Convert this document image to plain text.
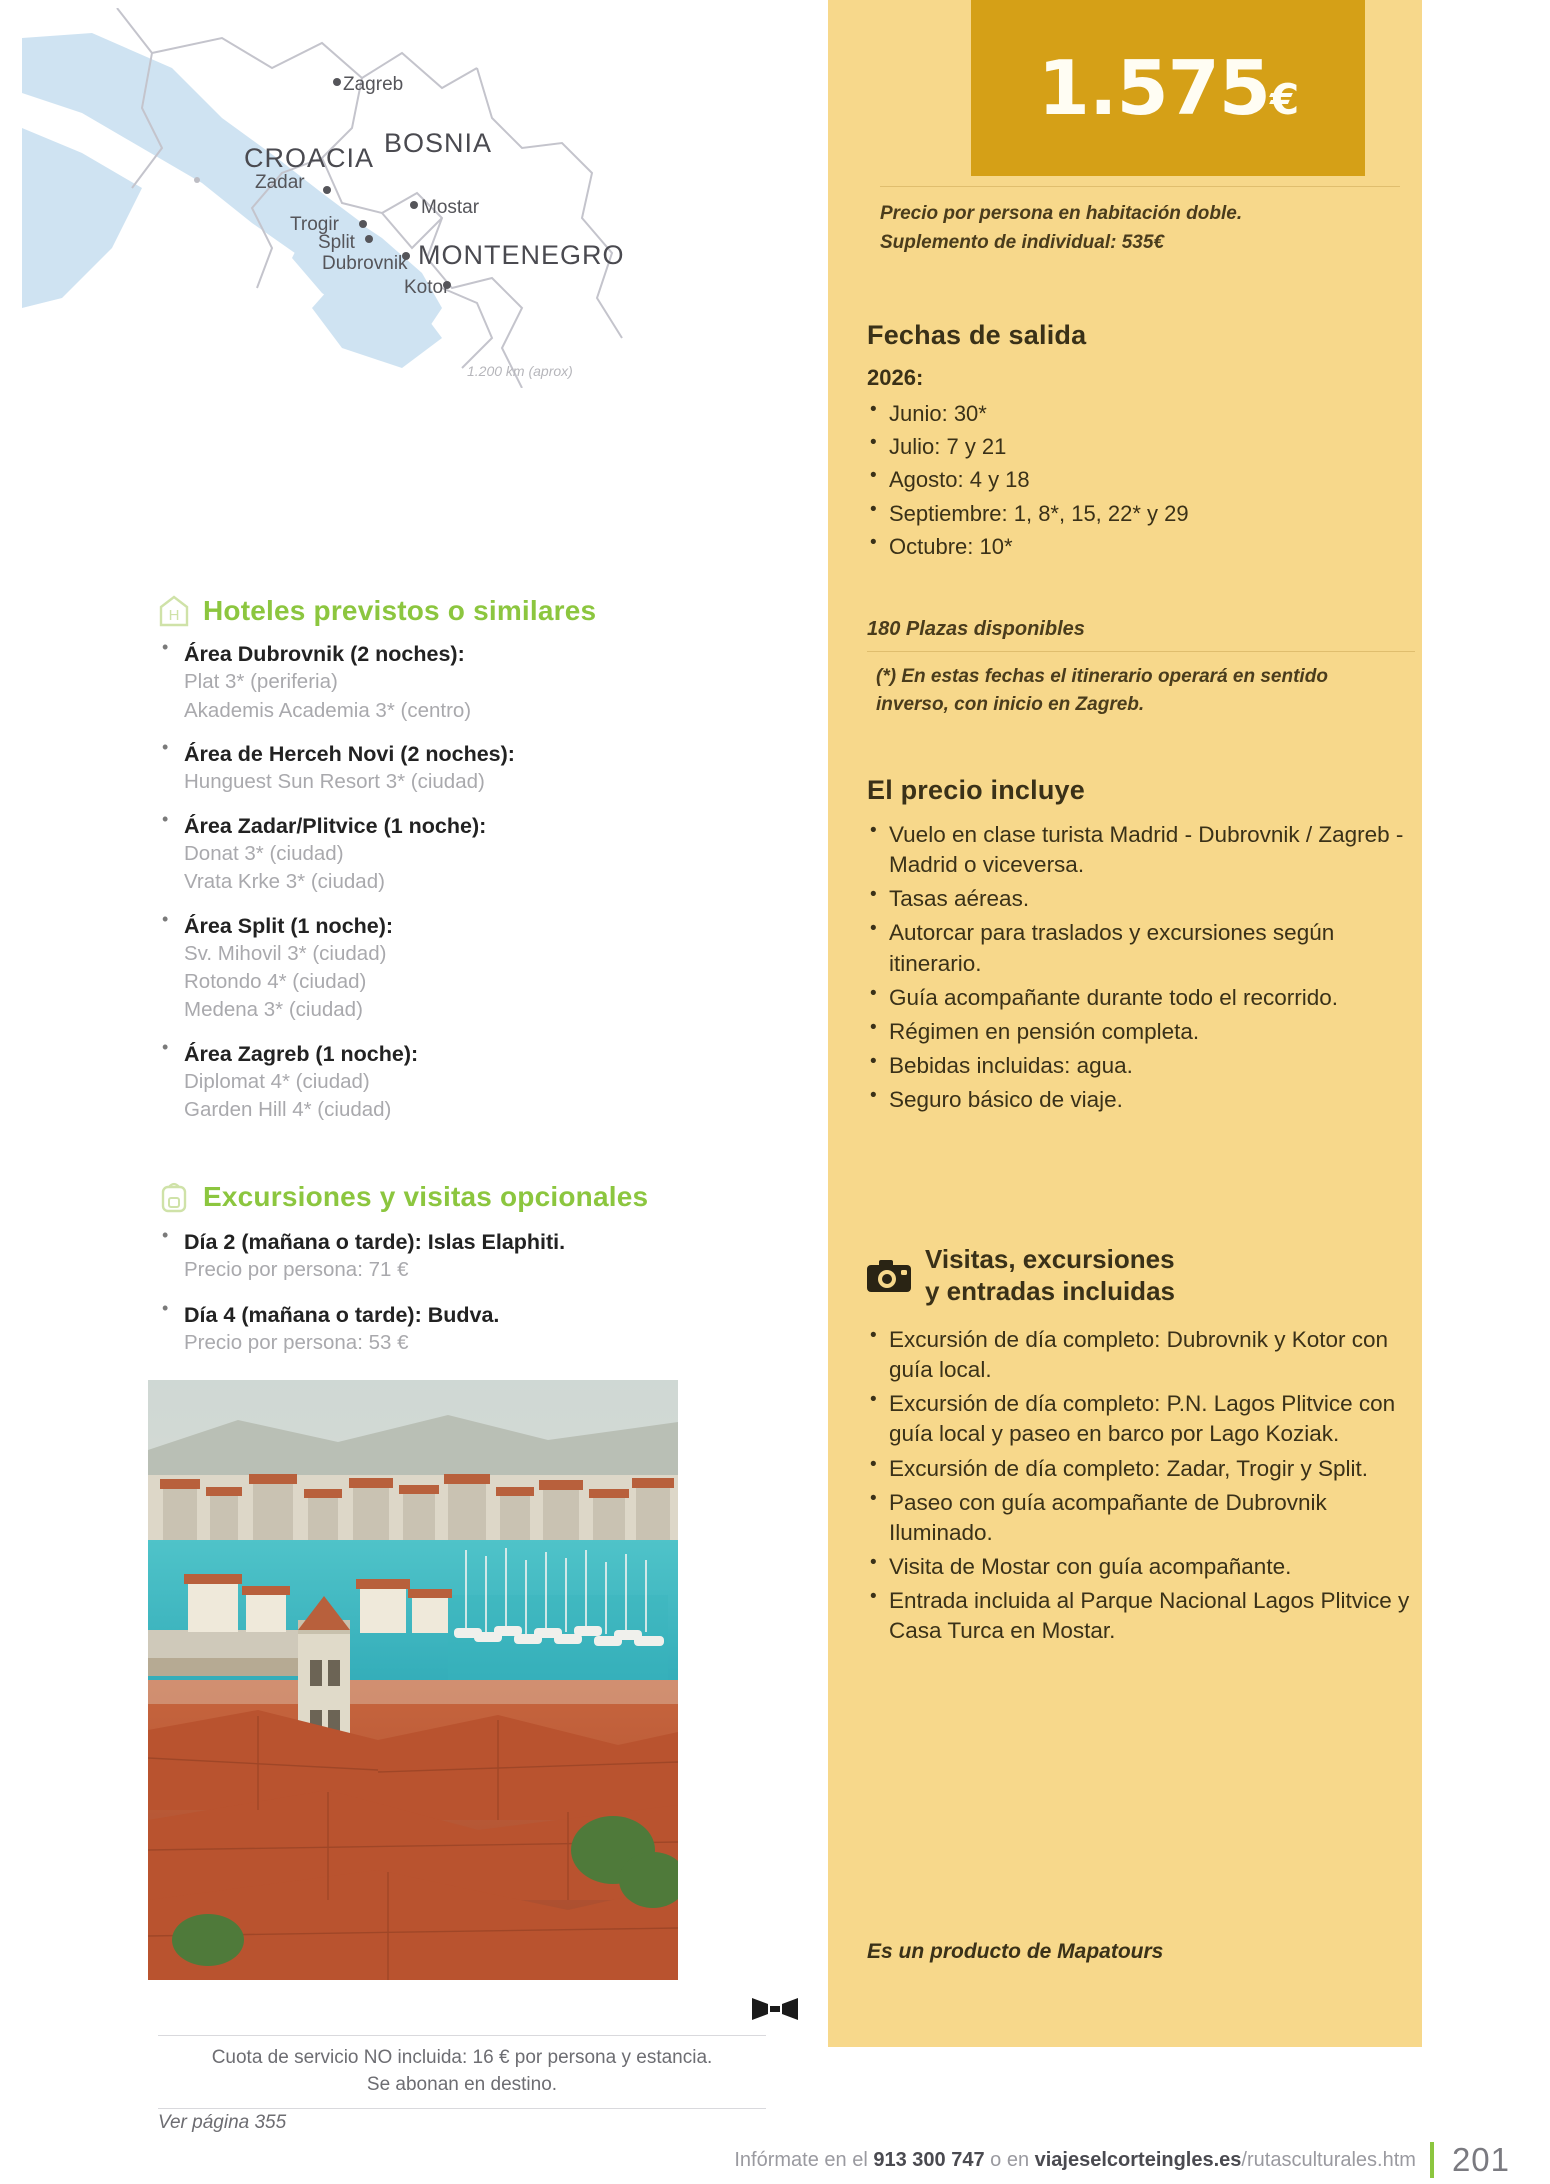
CROACIA BOSNIA
MONTENEGRO
Zagreb
Zadar
Mostar
Trogir
Split
Dubrovnik
Kotor
1.200 km (aprox)
H Hoteles previstos o similares
• Área Dubrovnik (2 noches):
Plat 3* (periferia)
Akademis Academia 3* (centro)
• Área de Herceh Novi (2 noches):
Hunguest Sun Resort 3* (ciudad)
• Área Zadar/Plitvice (1 noche):
Donat 3* (ciudad)
Vrata Krke 3* (ciudad)
• Área Split (1 noche):
Sv. Mihovil 3* (ciudad)
Rotondo 4* (ciudad)
Medena 3* (ciudad)
• Área Zagreb (1 noche):
Diplomat 4* (ciudad)
Garden Hill 4* (ciudad)
Excursiones y visitas opcionales
• Día 2 (mañana o tarde): Islas Elaphiti.
Precio por persona: 71 €
• Día 4 (mañana o tarde): Budva.
Precio por persona: 53 €
Cuota de servicio NO incluida: 16 € por persona y estancia.
Se abonan en destino.
Ver página 355
1.575€
Precio por persona en habitación doble.
Suplemento de individual: 535€
Fechas de salida
2026:
• Junio: 30*
• Julio: 7 y 21
• Agosto: 4 y 18
• Septiembre: 1, 8*, 15, 22* y 29
• Octubre: 10*
180 Plazas disponibles
(*) En estas fechas el itinerario operará en sentido
inverso, con inicio en Zagreb.
El precio incluye
• Vuelo en clase turista Madrid - Dubrovnik / Zagreb - Madrid o viceversa.
• Tasas aéreas.
• Autorcar para traslados y excursiones según itinerario.
• Guía acompañante durante todo el recorrido.
• Régimen en pensión completa.
• Bebidas incluidas: agua.
• Seguro básico de viaje.
Visitas, excursiones
y entradas incluidas
• Excursión de día completo: Dubrovnik y Kotor con guía local.
• Excursión de día completo: P.N. Lagos Plitvice con guía local y paseo en barco por Lago Koziak.
• Excursión de día completo: Zadar, Trogir y Split.
• Paseo con guía acompañante de Dubrovnik Iluminado.
• Visita de Mostar con guía acompañante.
• Entrada incluida al Parque Nacional Lagos Plitvice y Casa Turca en Mostar.
Es un producto de Mapatours
Infórmate en el 913 300 747 o en viajeselcorteingles.es/rutasculturales.htm 201
